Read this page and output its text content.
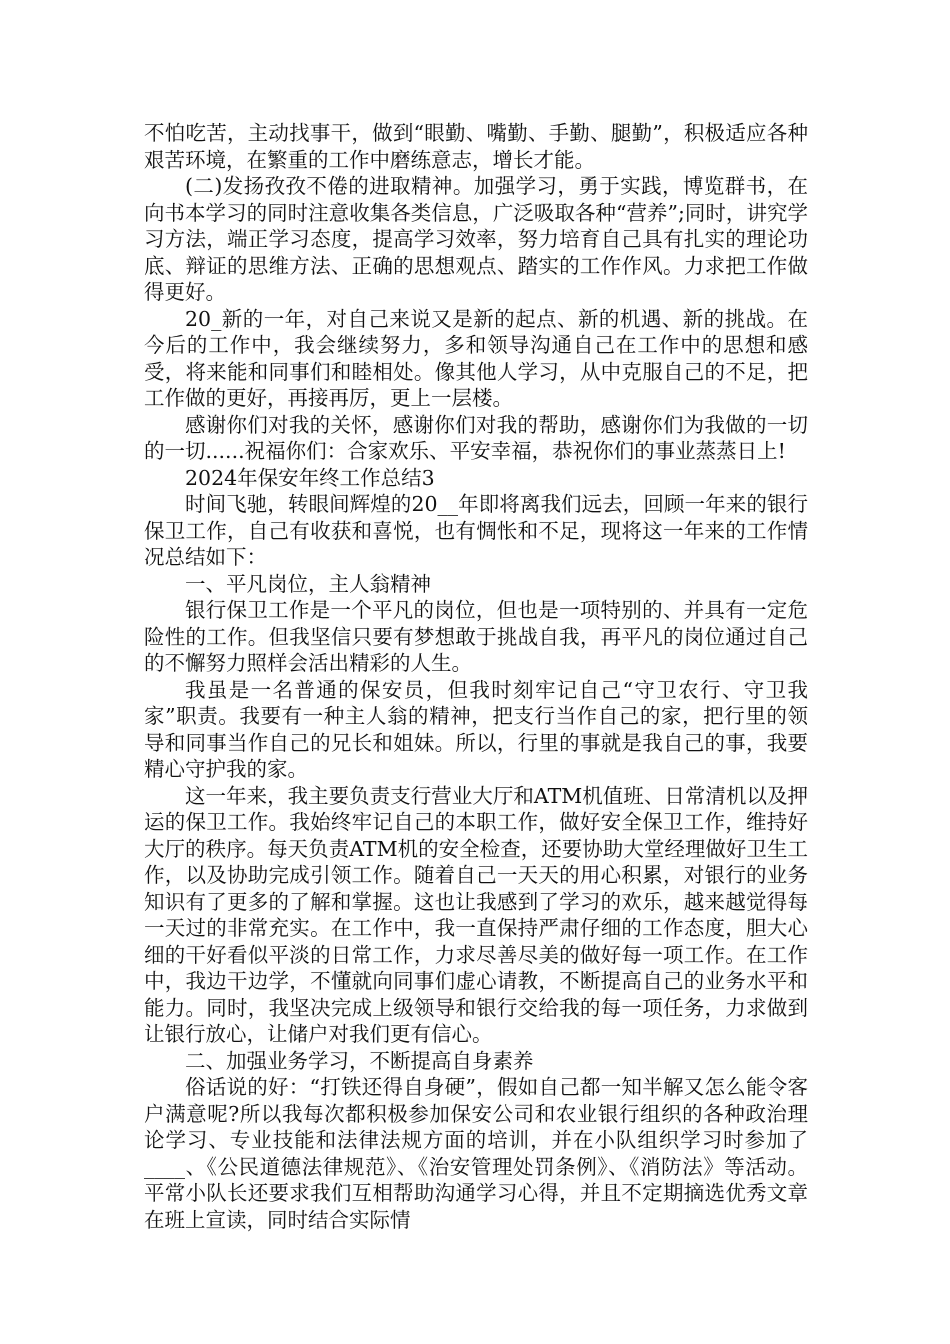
不怕吃苦，主动找事干，做到“眼勤、嘴勤、手勤、腿勤”，积极适应各种艰苦环境，在繁重的工作中磨练意志，增长才能。

(二)发扬孜孜不倦的进取精神。加强学习，勇于实践，博览群书，在向书本学习的同时注意收集各类信息，广泛吸取各种“营养”;同时，讲究学习方法，端正学习态度，提高学习效率，努力培育自己具有扎实的理论功底、辩证的思维方法、正确的思想观点、踏实的工作作风。力求把工作做得更好。

20_新的一年，对自己来说又是新的起点、新的机遇、新的挑战。在今后的工作中，我会继续努力，多和领导沟通自己在工作中的思想和感受，将来能和同事们和睦相处。像其他人学习，从中克服自己的不足，把工作做的更好，再接再厉，更上一层楼。

感谢你们对我的关怀，感谢你们对我的帮助，感谢你们为我做的一切的一切......祝福你们：合家欢乐、平安幸福，恭祝你们的事业蒸蒸日上!

2024年保安年终工作总结3

时间飞驰，转眼间辉煌的20__年即将离我们远去，回顾一年来的银行保卫工作，自己有收获和喜悦，也有惆怅和不足，现将这一年来的工作情况总结如下：

一、平凡岗位，主人翁精神

银行保卫工作是一个平凡的岗位，但也是一项特别的、并具有一定危险性的工作。但我坚信只要有梦想敢于挑战自我，再平凡的岗位通过自己的不懈努力照样会活出精彩的人生。

我虽是一名普通的保安员，但我时刻牢记自己“守卫农行、守卫我家”职责。我要有一种主人翁的精神，把支行当作自己的家，把行里的领导和同事当作自己的兄长和姐妹。所以，行里的事就是我自己的事，我要精心守护我的家。

这一年来，我主要负责支行营业大厅和ATM机值班、日常清机以及押运的保卫工作。我始终牢记自己的本职工作，做好安全保卫工作，维持好大厅的秩序。每天负责ATM机的安全检查，还要协助大堂经理做好卫生工作，以及协助完成引领工作。随着自己一天天的用心积累，对银行的业务知识有了更多的了解和掌握。这也让我感到了学习的欢乐，越来越觉得每一天过的非常充实。在工作中，我一直保持严肃仔细的工作态度，胆大心细的干好看似平淡的日常工作，力求尽善尽美的做好每一项工作。在工作中，我边干边学，不懂就向同事们虚心请教，不断提高自己的业务水平和能力。同时，我坚决完成上级领导和银行交给我的每一项任务，力求做到让银行放心，让储户对我们更有信心。

二、加强业务学习，不断提高自身素养

俗话说的好：“打铁还得自身硬”，假如自己都一知半解又怎么能令客户满意呢?所以我每次都积极参加保安公司和农业银行组织的各种政治理论学习、专业技能和法律法规方面的培训，并在小队组织学习时参加了____、《公民道德法律规范》、《治安管理处罚条例》、《消防法》等活动。平常小队长还要求我们互相帮助沟通学习心得，并且不定期摘选优秀文章在班上宣读，同时结合实际情
